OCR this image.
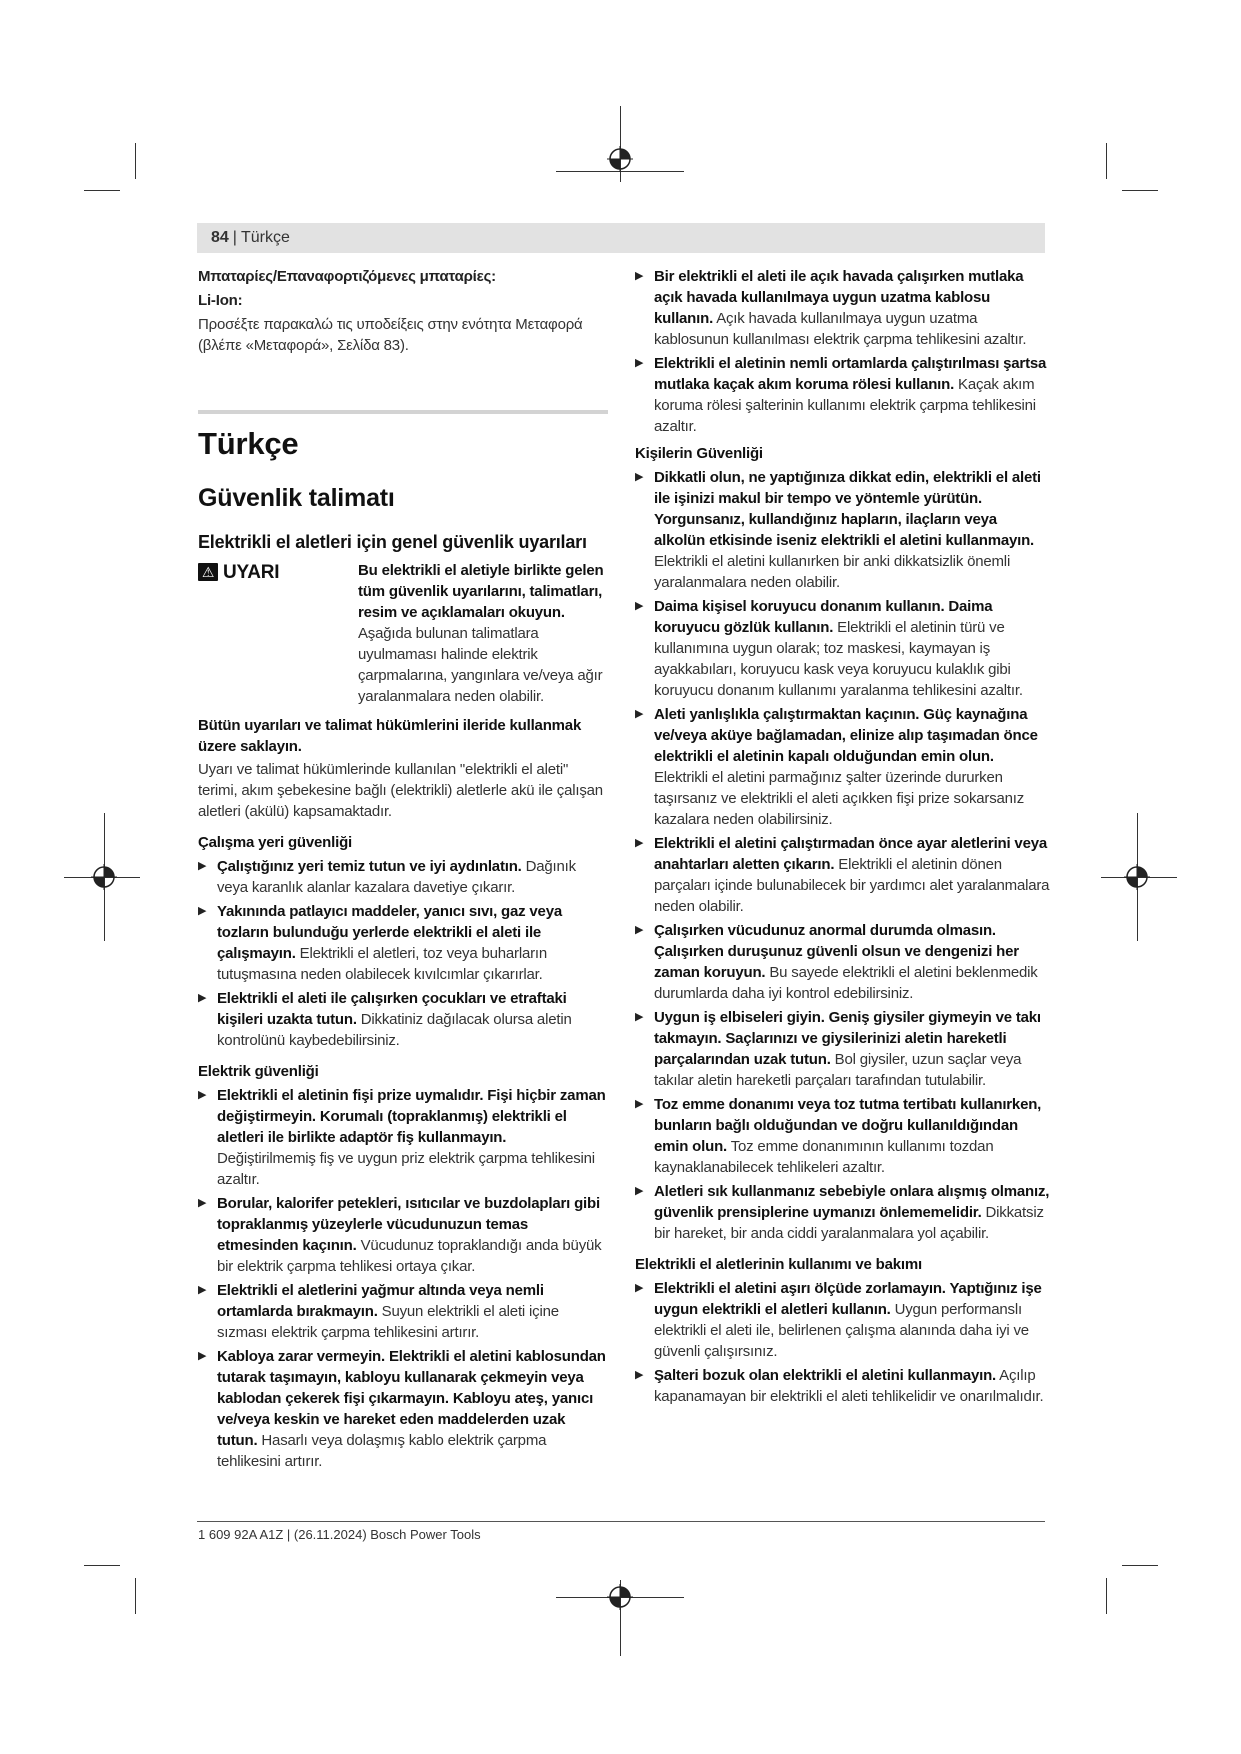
84 | Türkçe

Μπαταρίες/Επαναφορτιζόμενες μπαταρίες:

Li-Ion:

Προσέξτε παρακαλώ τις υποδείξεις στην ενότητα Μεταφορά (βλέπε «Μεταφορά», Σελίδα 83).

Türkçe
Güvenlik talimatı
Elektrikli el aletleri için genel güvenlik uyarıları
⚠ UYARI	Bu elektrikli el aletiyle birlikte gelen tüm güvenlik uyarılarını, talimatları, resim ve açıklamaları okuyun. Aşağıda bulunan talimatlara uyulmaması halinde elektrik çarpmalarına, yangınlara ve/veya ağır yaralanmalara neden olabilir.

Bütün uyarıları ve talimat hükümlerini ileride kullanmak üzere saklayın.

Uyarı ve talimat hükümlerinde kullanılan "elektrikli el aleti" terimi, akım şebekesine bağlı (elektrikli) aletlerle akü ile çalışan aletleri (akülü) kapsamaktadır.

Çalışma yeri güvenliği

▶ Çalıştığınız yeri temiz tutun ve iyi aydınlatın. Dağınık veya karanlık alanlar kazalara davetiye çıkarır.
▶ Yakınında patlayıcı maddeler, yanıcı sıvı, gaz veya tozların bulunduğu yerlerde elektrikli el aleti ile çalışmayın. Elektrikli el aletleri, toz veya buharların tutuşmasına neden olabilecek kıvılcımlar çıkarırlar.
▶ Elektrikli el aleti ile çalışırken çocukları ve etraftaki kişileri uzakta tutun. Dikkatiniz dağılacak olursa aletin kontrolünü kaybedebilirsiniz.

Elektrik güvenliği

▶ Elektrikli el aletinin fişi prize uymalıdır. Fişi hiçbir zaman değiştirmeyin. Korumalı (topraklanmış) elektrikli el aletleri ile birlikte adaptör fiş kullanmayın. Değiştirilmemiş fiş ve uygun priz elektrik çarpma tehlikesini azaltır.
▶ Borular, kalorifer petekleri, ısıtıcılar ve buzdolapları gibi topraklanmış yüzeylerle vücudunuzun temas etmesinden kaçının. Vücudunuz topraklandığı anda büyük bir elektrik çarpma tehlikesi ortaya çıkar.
▶ Elektrikli el aletlerini yağmur altında veya nemli ortamlarda bırakmayın. Suyun elektrikli el aleti içine sızması elektrik çarpma tehlikesini artırır.
▶ Kabloya zarar vermeyin. Elektrikli el aletini kablosundan tutarak taşımayın, kabloyu kullanarak çekmeyin veya kablodan çekerek fişi çıkarmayın. Kabloyu ateş, yanıcı ve/veya keskin ve hareket eden maddelerden uzak tutun. Hasarlı veya dolaşmış kablo elektrik çarpma tehlikesini artırır.
▶ Bir elektrikli el aleti ile açık havada çalışırken mutlaka açık havada kullanılmaya uygun uzatma kablosu kullanın. Açık havada kullanılmaya uygun uzatma kablosunun kullanılması elektrik çarpma tehlikesini azaltır.
▶ Elektrikli el aletinin nemli ortamlarda çalıştırılması şartsa mutlaka kaçak akım koruma rölesi kullanın. Kaçak akım koruma rölesi şalterinin kullanımı elektrik çarpma tehlikesini azaltır.

Kişilerin Güvenliği

▶ Dikkatli olun, ne yaptığınıza dikkat edin, elektrikli el aleti ile işinizi makul bir tempo ve yöntemle yürütün. Yorgunsanız, kullandığınız hapların, ilaçların veya alkolün etkisinde iseniz elektrikli el aletini kullanmayın. Elektrikli el aletini kullanırken bir anki dikkatsizlik önemli yaralanmalara neden olabilir.
▶ Daima kişisel koruyucu donanım kullanın. Daima koruyucu gözlük kullanın. Elektrikli el aletinin türü ve kullanımına uygun olarak; toz maskesi, kaymayan iş ayakkabıları, koruyucu kask veya koruyucu kulaklık gibi koruyucu donanım kullanımı yaralanma tehlikesini azaltır.
▶ Aleti yanlışlıkla çalıştırmaktan kaçının. Güç kaynağına ve/veya aküye bağlamadan, elinize alıp taşımadan önce elektrikli el aletinin kapalı olduğundan emin olun. Elektrikli el aletini parmağınız şalter üzerinde dururken taşırsanız ve elektrikli el aleti açıkken fişi prize sokarsanız kazalara neden olabilirsiniz.
▶ Elektrikli el aletini çalıştırmadan önce ayar aletlerini veya anahtarları aletten çıkarın. Elektrikli el aletinin dönen parçaları içinde bulunabilecek bir yardımcı alet yaralanmalara neden olabilir.
▶ Çalışırken vücudunuz anormal durumda olmasın. Çalışırken duruşunuz güvenli olsun ve dengenizi her zaman koruyun. Bu sayede elektrikli el aletini beklenmedik durumlarda daha iyi kontrol edebilirsiniz.
▶ Uygun iş elbiseleri giyin. Geniş giysiler giymeyin ve takı takmayın. Saçlarınızı ve giysilerinizi aletin hareketli parçalarından uzak tutun. Bol giysiler, uzun saçlar veya takılar aletin hareketli parçaları tarafından tutulabilir.
▶ Toz emme donanımı veya toz tutma tertibatı kullanırken, bunların bağlı olduğundan ve doğru kullanıldığından emin olun. Toz emme donanımının kullanımı tozdan kaynaklanabilecek tehlikeleri azaltır.
▶ Aletleri sık kullanmanız sebebiyle onlara alışmış olmanız, güvenlik prensiplerine uymanızı önlememelidir. Dikkatsiz bir hareket, bir anda ciddi yaralanmalara yol açabilir.

Elektrikli el aletlerinin kullanımı ve bakımı

▶ Elektrikli el aletini aşırı ölçüde zorlamayın. Yaptığınız işe uygun elektrikli el aletleri kullanın. Uygun performanslı elektrikli el aleti ile, belirlenen çalışma alanında daha iyi ve güvenli çalışırsınız.
▶ Şalteri bozuk olan elektrikli el aletini kullanmayın. Açılıp kapanamayan bir elektrikli el aleti tehlikelidir ve onarılmalıdır.
1 609 92A A1Z | (26.11.2024) Bosch Power Tools
